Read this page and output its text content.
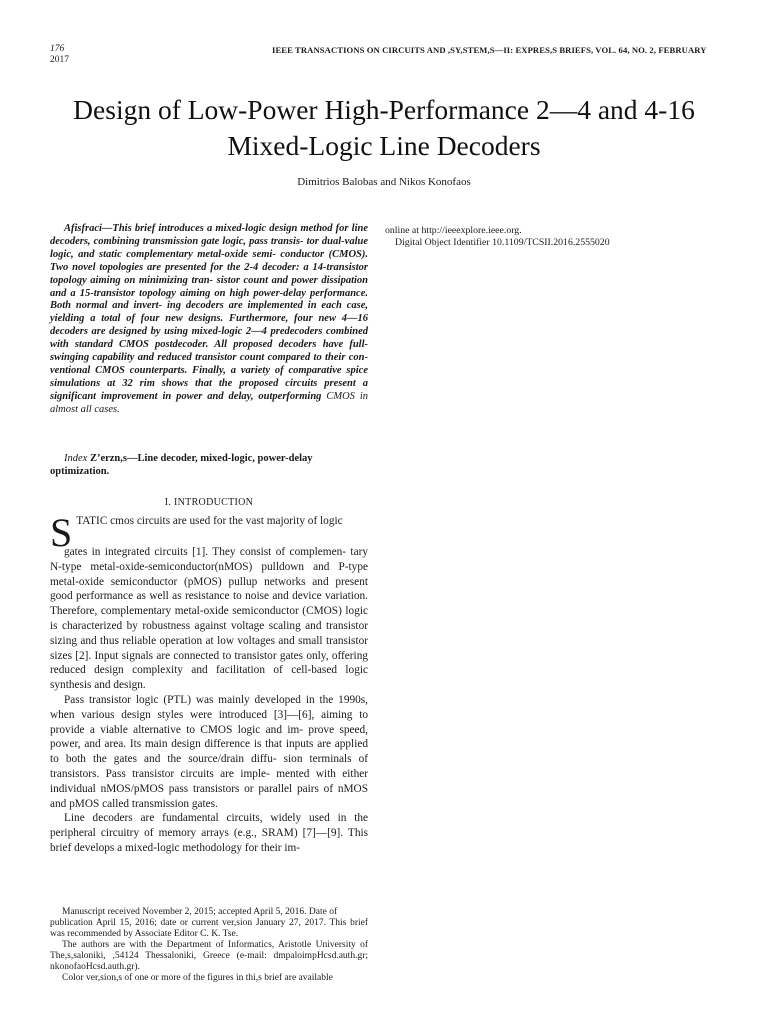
176
2017
IEEE TRANSACTIONS ON CIRCUITS AND ,SY,STEM,S—II: EXPRES,S BRIEFS, VOL. 64, NO. 2, FEBRUARY
Design of Low-Power High-Performance 2—4 and 4-16 Mixed-Logic Line Decoders
Dimitrios Balobas and Nikos Konofaos
Afisfraci—This brief introduces a mixed-logic design method for line decoders, combining transmission gate logic, pass transis- tor dual-value logic, and static complementary metal-oxide semi- conductor (CMOS). Two novel topologies are presented for the 2-4 decoder: a 14-transistor topology aiming on minimizing tran- sistor count and power dissipation and a 15-transistor topology aiming on high power-delay performance. Both normal and invert- ing decoders are implemented in each case, yielding a total of four new designs. Furthermore, four new 4—16 decoders are designed by using mixed-logic 2—4 predecoders combined with standard CMOS postdecoder. All proposed decoders have full-swinging capability and reduced transistor count compared to their con- ventional CMOS counterparts. Finally, a variety of comparative spice simulations at 32 rim shows that the proposed circuits present a significant improvement in power and delay, outperforming CMOS in almost all cases.
Index Z’erzn,s—Line decoder, mixed-logic, power-delay optimization.
I. INTRODUCTION
S TATIC cmos circuits are used for the vast majority of logic

gates in integrated circuits [1]. They consist of complemen- tary N-type metal-oxide-semiconductor(nMOS) pulldown and P-type metal-oxide semiconductor (pMOS) pullup networks and present good performance as well as resistance to noise and device variation. Therefore, complementary metal-oxide semiconductor (CMOS) logic is characterized by robustness against voltage scaling and transistor sizing and thus reliable operation at low voltages and small transistor sizes [2]. Input signals are connected to transistor gates only, offering reduced design complexity and facilitation of cell-based logic synthesis and design.

Pass transistor logic (PTL) was mainly developed in the 1990s, when various design styles were introduced [3]—[6], aiming to provide a viable alternative to CMOS logic and im- prove speed, power, and area. Its main design difference is that inputs are applied to both the gates and the source/drain diffu- sion terminals of transistors. Pass transistor circuits are imple- mented with either individual nMOS/pMOS pass transistors or parallel pairs of nMOS and pMOS called transmission gates.

Line decoders are fundamental circuits, widely used in the peripheral circuitry of memory arrays (e.g., SRAM) [7]—[9]. This brief develops a mixed-logic methodology for their im-

Manuscript received November 2, 2015; accepted April 5, 2016. Date of

publication April 15, 2016; date or current ver,sion January 27, 2017. This brief was recommended by Associate Editor C. K. Tse.

The authors are with the Department of Informatics, Aristotle University of The,s,saloniki, ,54124 Thessaloniki, Greece (e-mail: dmpaloimpHcsd.auth.gr; nkonofaoHcsd.auth.gr).

Color ver,sion,s of one or more of the figures in thi,s brief are available

online at http://ieeexplore.ieee.org.
Digital Object Identifier 10.1109/TCSII.2016.2555020
